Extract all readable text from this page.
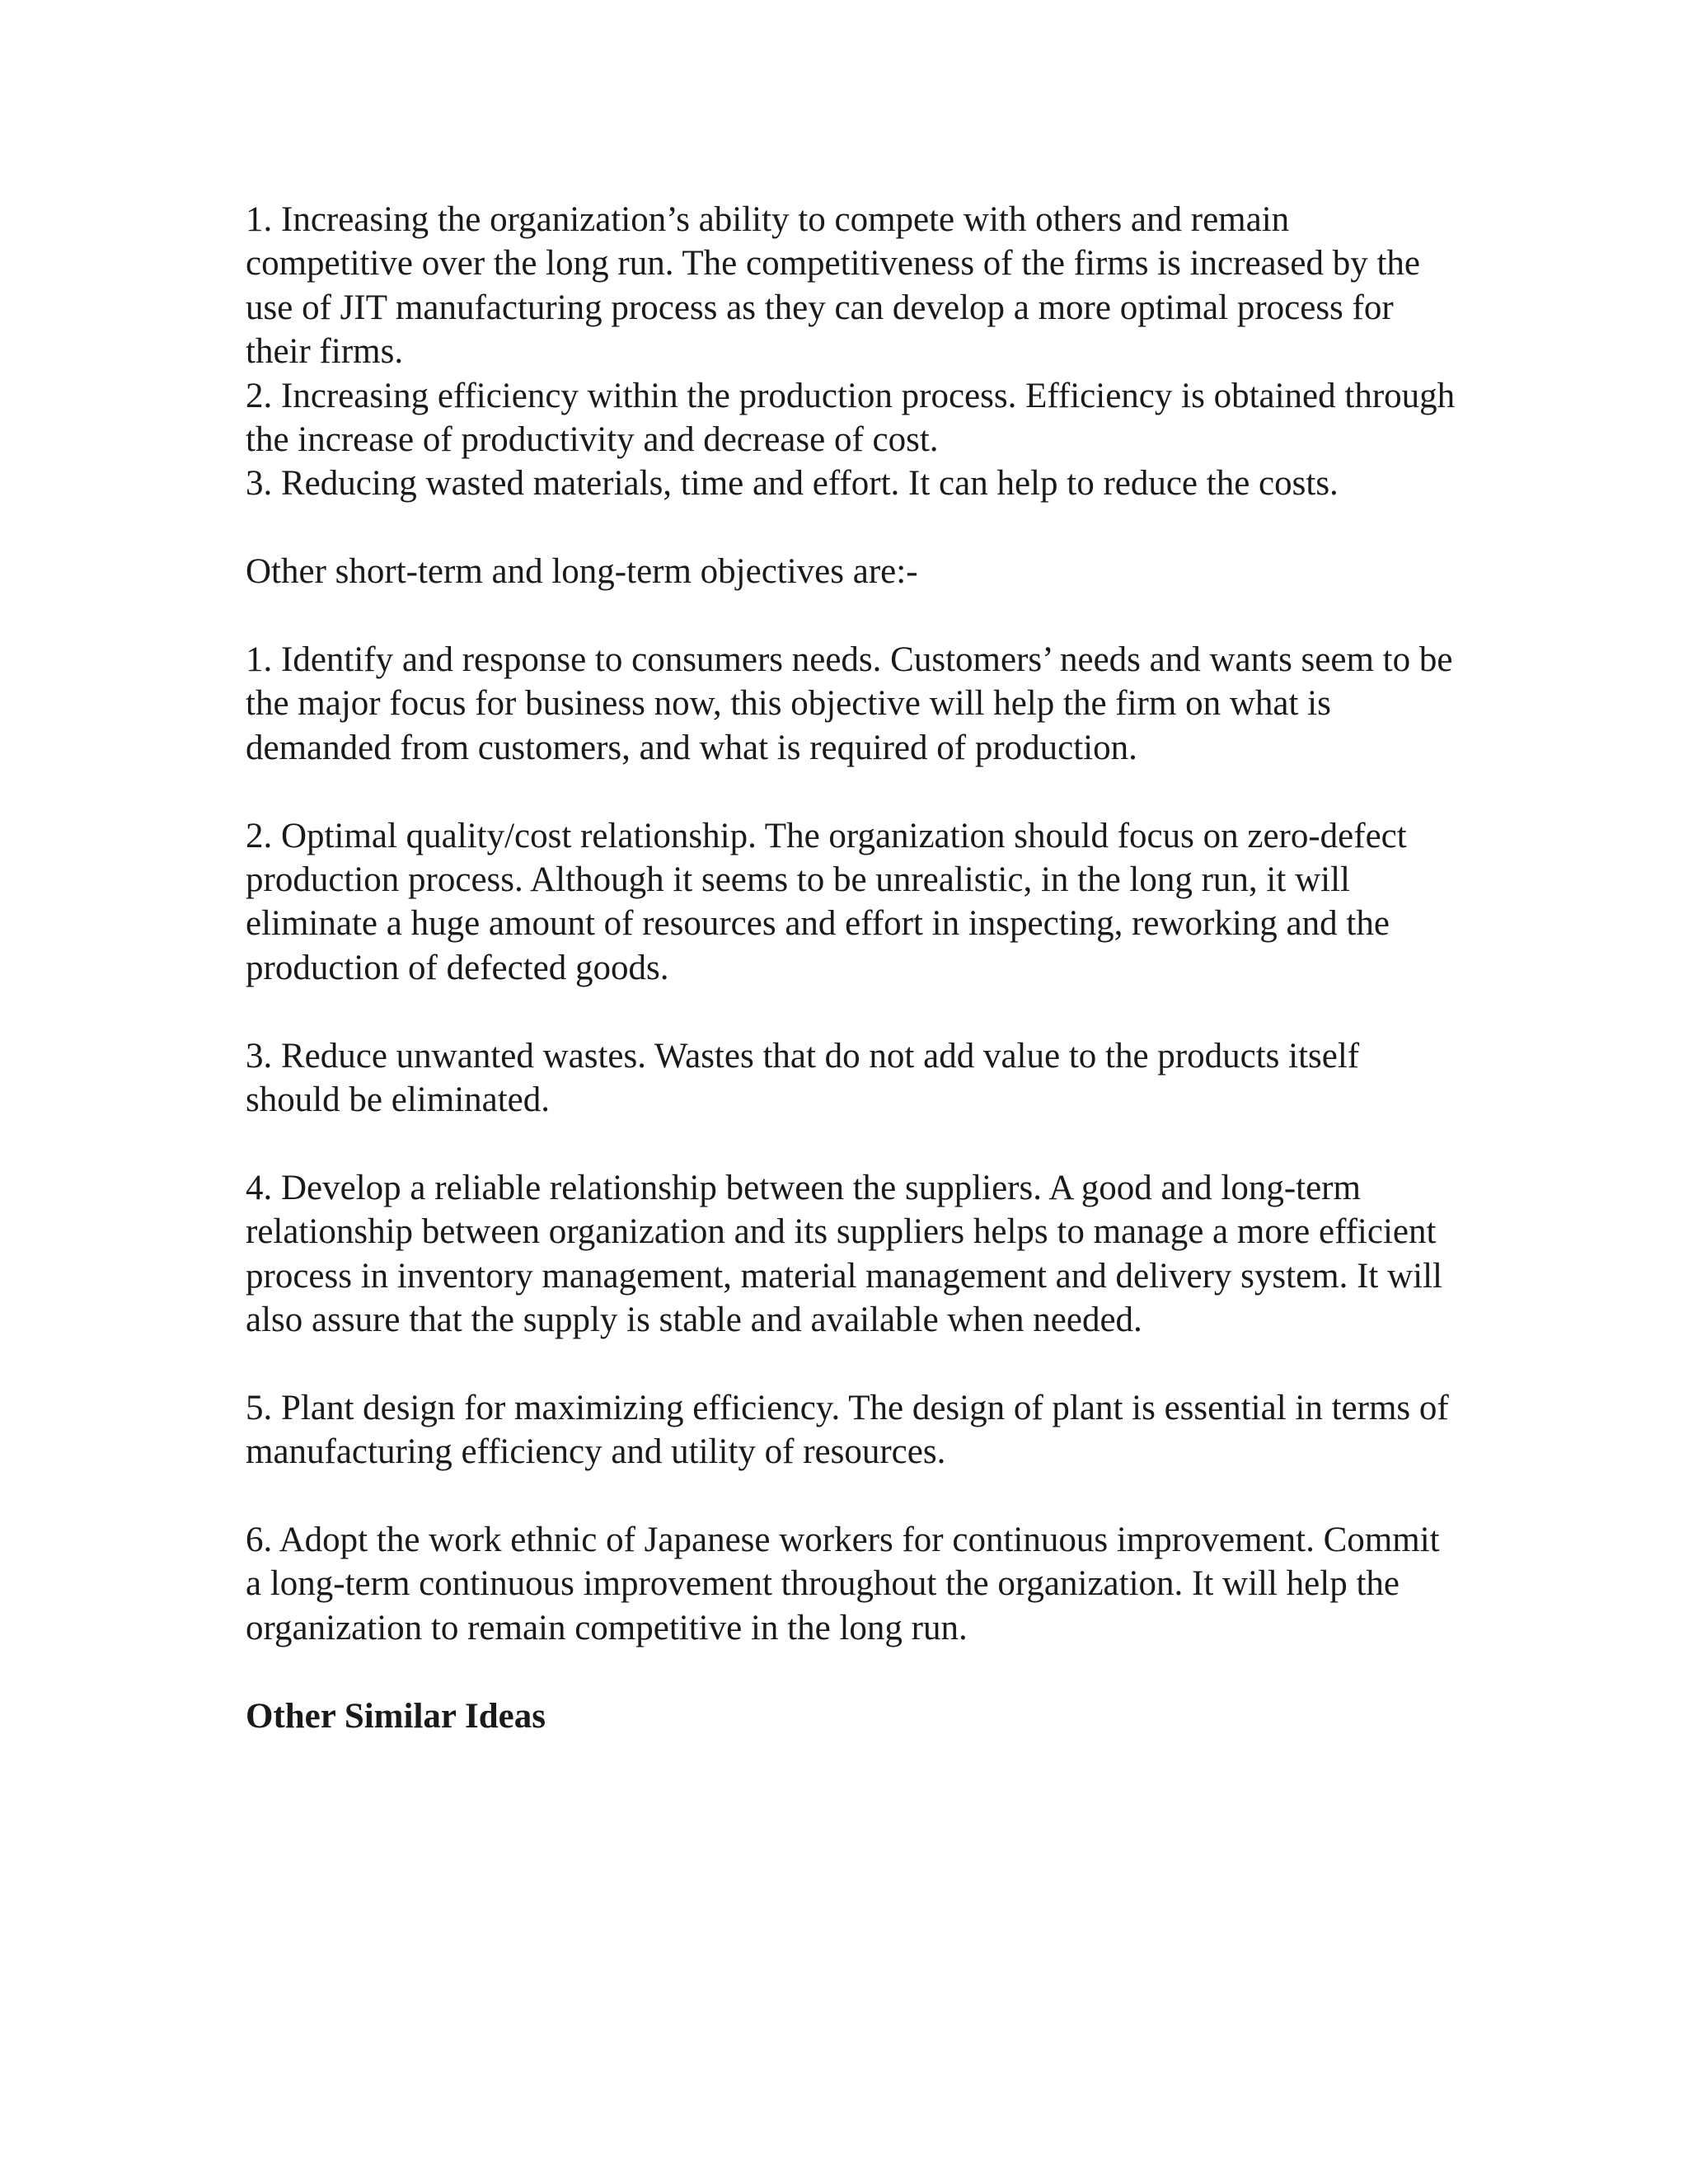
1. Increasing the organization’s ability to compete with others and remain competitive over the long run. The competitiveness of the firms is increased by the use of JIT manufacturing process as they can develop a more optimal process for their firms.

2. Increasing efficiency within the production process. Efficiency is obtained through the increase of productivity and decrease of cost.

3. Reducing wasted materials, time and effort. It can help to reduce the costs.

Other short-term and long-term objectives are:-

1. Identify and response to consumers needs. Customers’ needs and wants seem to be the major focus for business now, this objective will help the firm on what is demanded from customers, and what is required of production.

2. Optimal quality/cost relationship. The organization should focus on zero-defect production process. Although it seems to be unrealistic, in the long run, it will eliminate a huge amount of resources and effort in inspecting, reworking and the production of defected goods.

3. Reduce unwanted wastes. Wastes that do not add value to the products itself should be eliminated.

4. Develop a reliable relationship between the suppliers. A good and long-term relationship between organization and its suppliers helps to manage a more efficient process in inventory management, material management and delivery system. It will also assure that the supply is stable and available when needed.

5. Plant design for maximizing efficiency. The design of plant is essential in terms of manufacturing efficiency and utility of resources.

6. Adopt the work ethnic of Japanese workers for continuous improvement. Commit a long-term continuous improvement throughout the organization. It will help the organization to remain competitive in the long run.

Other Similar Ideas
